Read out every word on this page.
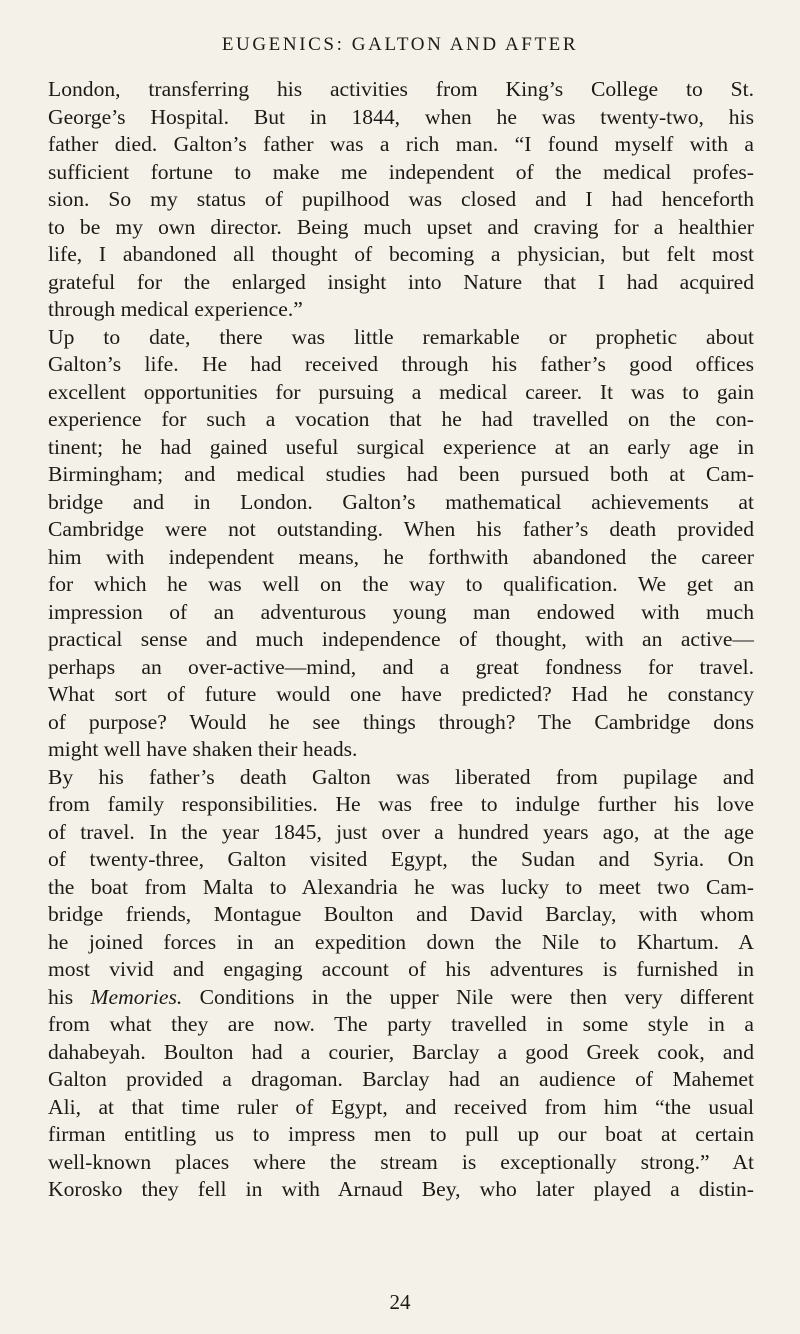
EUGENICS: GALTON AND AFTER
London, transferring his activities from King’s College to St.
George’s Hospital. But in 1844, when he was twenty-two, his
father died. Galton’s father was a rich man. “I found myself with a
sufficient fortune to make me independent of the medical profes-
sion. So my status of pupilhood was closed and I had henceforth
to be my own director. Being much upset and craving for a healthier
life, I abandoned all thought of becoming a physician, but felt most
grateful for the enlarged insight into Nature that I had acquired
through medical experience.”
Up to date, there was little remarkable or prophetic about
Galton’s life. He had received through his father’s good offices
excellent opportunities for pursuing a medical career. It was to gain
experience for such a vocation that he had travelled on the con-
tinent; he had gained useful surgical experience at an early age in
Birmingham; and medical studies had been pursued both at Cam-
bridge and in London. Galton’s mathematical achievements at
Cambridge were not outstanding. When his father’s death provided
him with independent means, he forthwith abandoned the career
for which he was well on the way to qualification. We get an
impression of an adventurous young man endowed with much
practical sense and much independence of thought, with an active—
perhaps an over-active—mind, and a great fondness for travel.
What sort of future would one have predicted? Had he constancy
of purpose? Would he see things through? The Cambridge dons
might well have shaken their heads.
By his father’s death Galton was liberated from pupilage and
from family responsibilities. He was free to indulge further his love
of travel. In the year 1845, just over a hundred years ago, at the age
of twenty-three, Galton visited Egypt, the Sudan and Syria. On
the boat from Malta to Alexandria he was lucky to meet two Cam-
bridge friends, Montague Boulton and David Barclay, with whom
he joined forces in an expedition down the Nile to Khartum. A
most vivid and engaging account of his adventures is furnished in
his Memories. Conditions in the upper Nile were then very different
from what they are now. The party travelled in some style in a
dahabeyah. Boulton had a courier, Barclay a good Greek cook, and
Galton provided a dragoman. Barclay had an audience of Mahemet
Ali, at that time ruler of Egypt, and received from him “the usual
firman entitling us to impress men to pull up our boat at certain
well-known places where the stream is exceptionally strong.” At
Korosko they fell in with Arnaud Bey, who later played a distin-
24
